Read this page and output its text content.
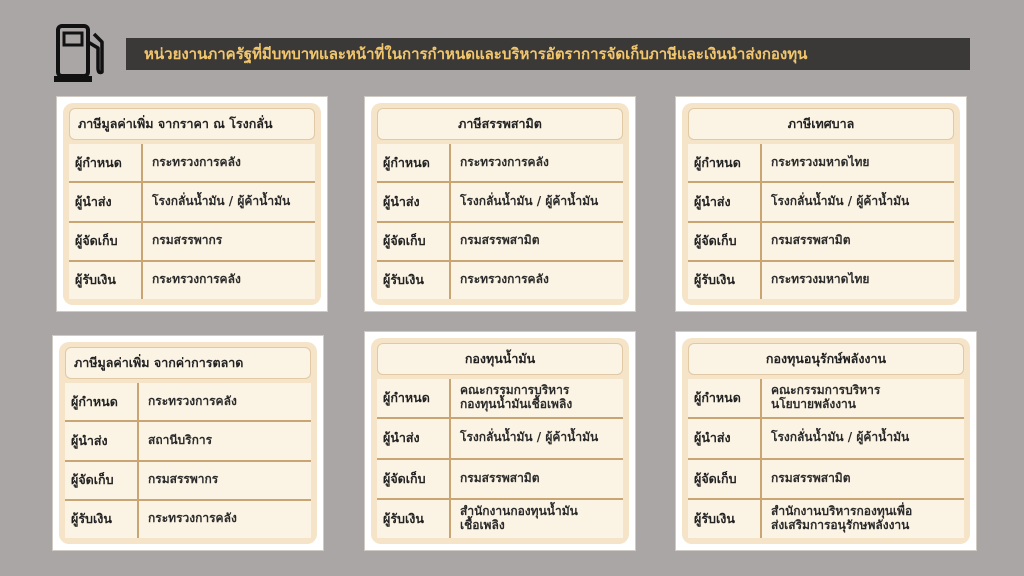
หน่วยงานภาครัฐที่มีบทบาทและหน้าที่ในการกำหนดและบริหารอัตราการจัดเก็บภาษีและเงินนำส่งกองทุน
ภาษีมูลค่าเพิ่ม จากราคา ณ โรงกลั่น
ผู้กำหนด	กระทรวงการคลัง
ผู้นำส่ง	โรงกลั่นน้ำมัน / ผู้ค้าน้ำมัน
ผู้จัดเก็บ	กรมสรรพากร
ผู้รับเงิน	กระทรวงการคลัง
ภาษีสรรพสามิต
ผู้กำหนด	กระทรวงการคลัง
ผู้นำส่ง	โรงกลั่นน้ำมัน / ผู้ค้าน้ำมัน
ผู้จัดเก็บ	กรมสรรพสามิต
ผู้รับเงิน	กระทรวงการคลัง
ภาษีเทศบาล
ผู้กำหนด	กระทรวงมหาดไทย
ผู้นำส่ง	โรงกลั่นน้ำมัน / ผู้ค้าน้ำมัน
ผู้จัดเก็บ	กรมสรรพสามิต
ผู้รับเงิน	กระทรวงมหาดไทย
ภาษีมูลค่าเพิ่ม จากค่าการตลาด
ผู้กำหนด	กระทรวงการคลัง
ผู้นำส่ง	สถานีบริการ
ผู้จัดเก็บ	กรมสรรพากร
ผู้รับเงิน	กระทรวงการคลัง
กองทุนน้ำมัน
ผู้กำหนด	คณะกรรมการบริหาร
กองทุนน้ำมันเชื้อเพลิง
ผู้นำส่ง	โรงกลั่นน้ำมัน / ผู้ค้าน้ำมัน
ผู้จัดเก็บ	กรมสรรพสามิต
ผู้รับเงิน	สำนักงานกองทุนน้ำมัน
เชื้อเพลิง
กองทุนอนุรักษ์พลังงาน
ผู้กำหนด	คณะกรรมการบริหาร
นโยบายพลังงาน
ผู้นำส่ง	โรงกลั่นน้ำมัน / ผู้ค้าน้ำมัน
ผู้จัดเก็บ	กรมสรรพสามิต
ผู้รับเงิน	สำนักงานบริหารกองทุนเพื่อ
ส่งเสริมการอนุรักษพลังงาน
